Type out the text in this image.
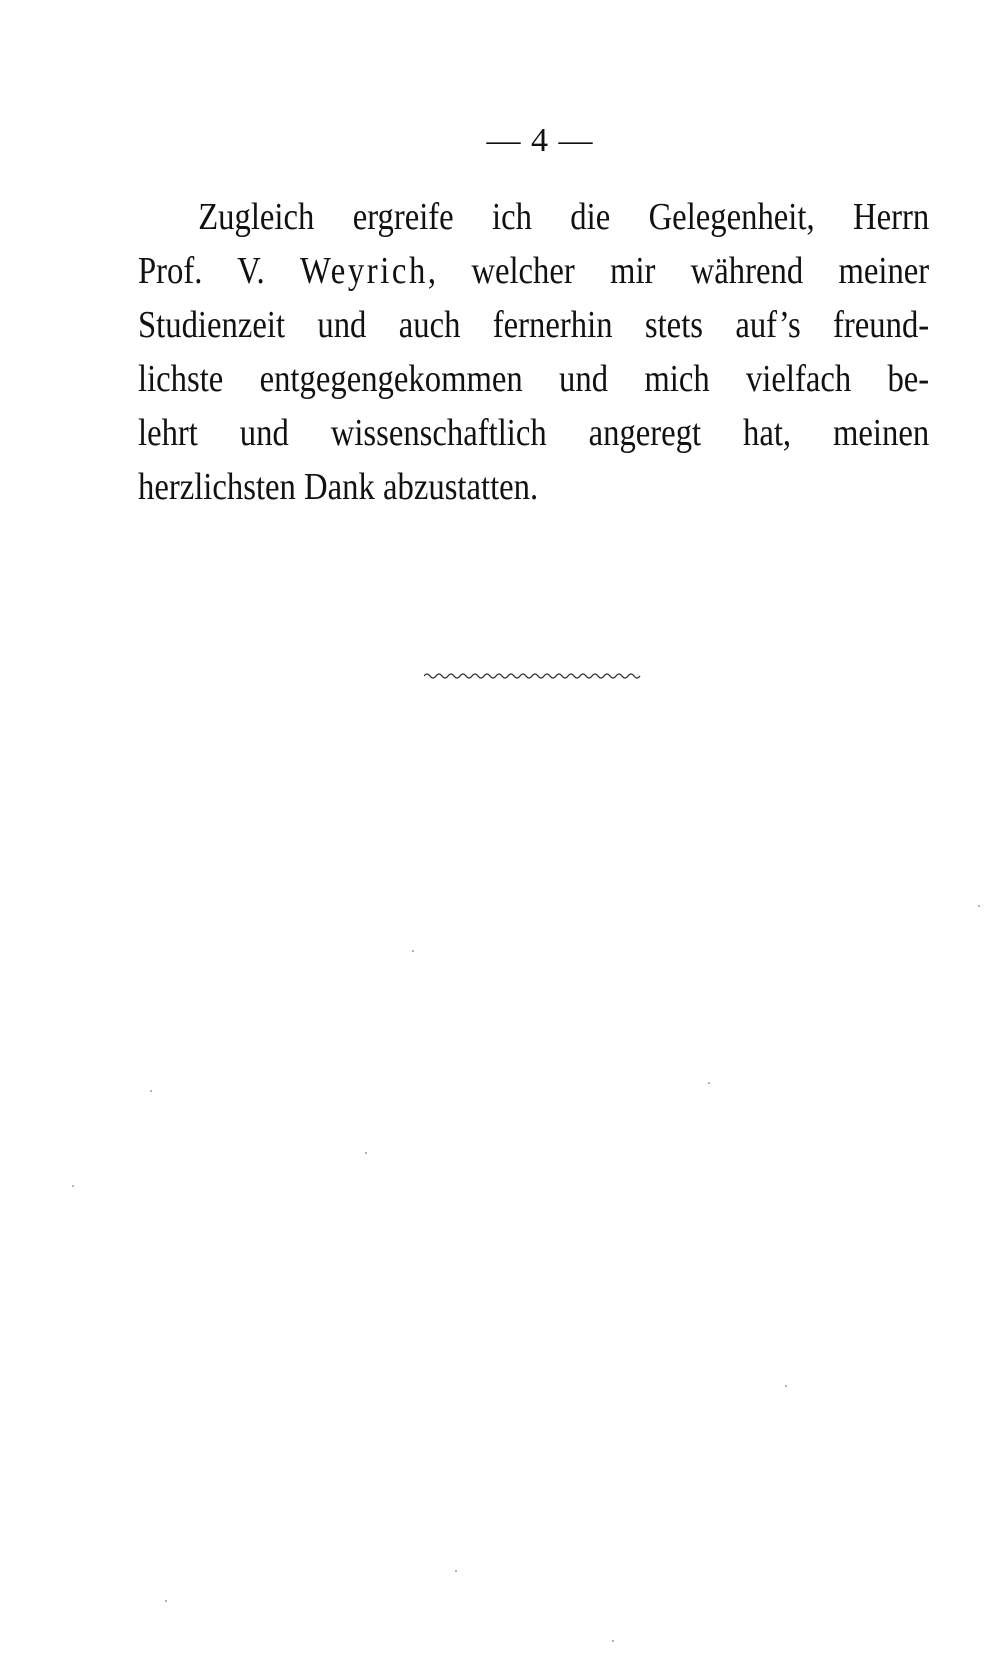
— 4 —
Zugleich ergreife ich die Gelegenheit, Herrn
Prof. V. Weyrich, welcher mir während meiner
Studienzeit und auch fernerhin stets auf’s freund-
lichste entgegengekommen und mich vielfach be-
lehrt und wissenschaftlich angeregt hat, meinen
herzlichsten Dank abzustatten.
